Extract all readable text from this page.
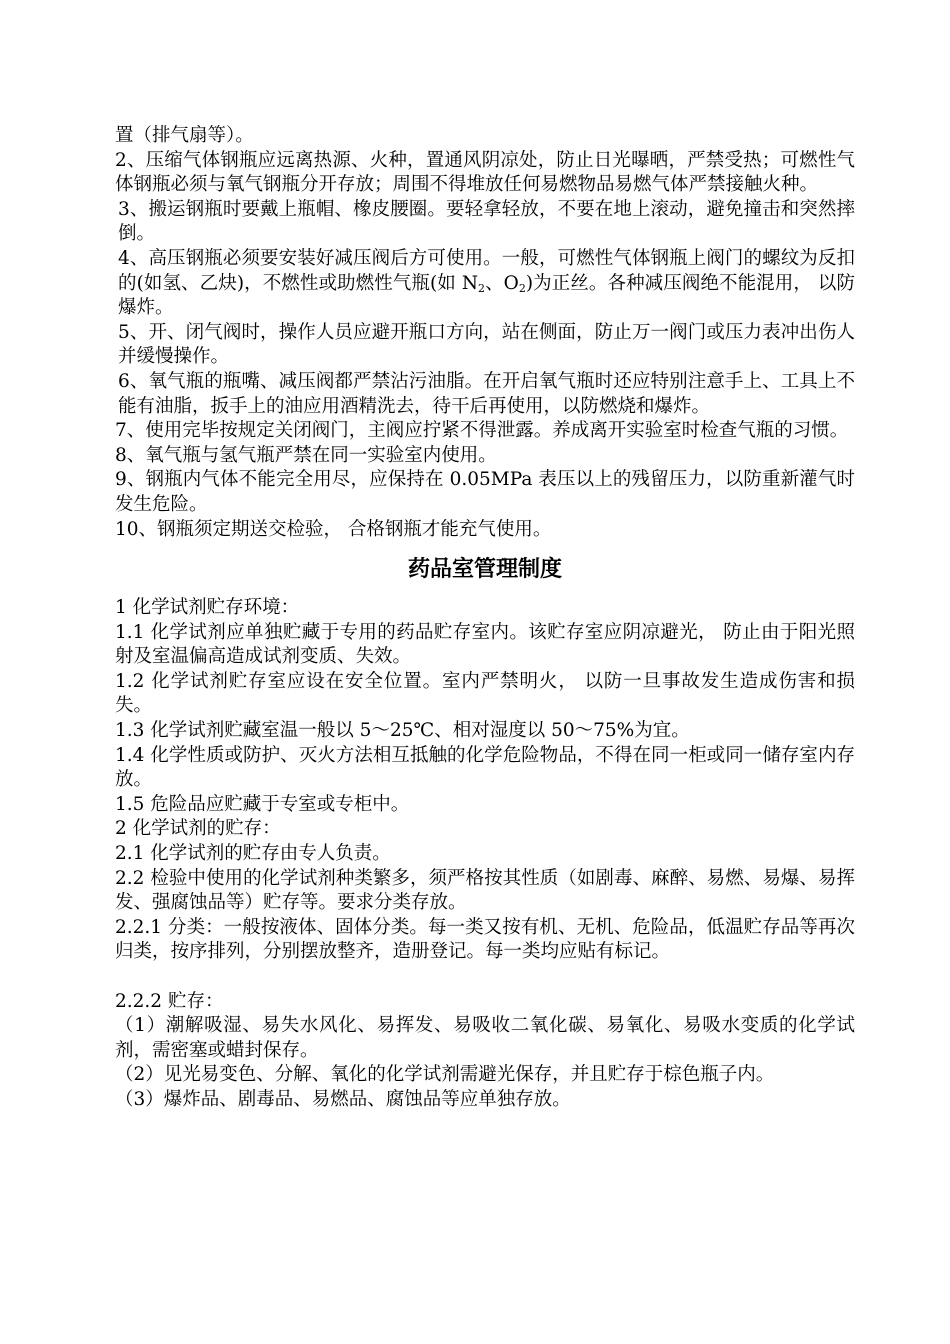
置（排气扇等）。

2、压缩气体钢瓶应远离热源、火种，置通风阴凉处，防止日光曝晒，严禁受热；可燃性气体钢瓶必须与氧气钢瓶分开存放；周围不得堆放任何易燃物品易燃气体严禁接触火种。

3、搬运钢瓶时要戴上瓶帽、橡皮腰圈。要轻拿轻放，不要在地上滚动，避免撞击和突然摔倒。

4、高压钢瓶必须要安装好减压阀后方可使用。一般，可燃性气体钢瓶上阀门的螺纹为反扣的(如氢、乙炔)，不燃性或助燃性气瓶(如 $N_2$、$O_2$)为正丝。各种减压阀绝不能混用， 以防爆炸。

5、开、闭气阀时，操作人员应避开瓶口方向，站在侧面，防止万一阀门或压力表冲出伤人并缓慢操作。

6、氧气瓶的瓶嘴、减压阀都严禁沾污油脂。在开启氧气瓶时还应特别注意手上、工具上不能有油脂，扳手上的油应用酒精洗去，待干后再使用，以防燃烧和爆炸。

7、使用完毕按规定关闭阀门，主阀应拧紧不得泄露。养成离开实验室时检查气瓶的习惯。

8、氧气瓶与氢气瓶严禁在同一实验室内使用。

9、钢瓶内气体不能完全用尽，应保持在 0.05MPa 表压以上的残留压力，以防重新灌气时发生危险。

10、钢瓶须定期送交检验， 合格钢瓶才能充气使用。

药品室管理制度

1 化学试剂贮存环境：

1.1 化学试剂应单独贮藏于专用的药品贮存室内。该贮存室应阴凉避光， 防止由于阳光照射及室温偏高造成试剂变质、失效。

1.2 化学试剂贮存室应设在安全位置。室内严禁明火， 以防一旦事故发生造成伤害和损失。

1.3 化学试剂贮藏室温一般以 5～25℃、相对湿度以 50～75%为宜。

1.4 化学性质或防护、灭火方法相互抵触的化学危险物品，不得在同一柜或同一储存室内存放。

1.5 危险品应贮藏于专室或专柜中。

2 化学试剂的贮存：

2.1 化学试剂的贮存由专人负责。

2.2 检验中使用的化学试剂种类繁多，须严格按其性质（如剧毒、麻醉、易燃、易爆、易挥发、强腐蚀品等）贮存等。要求分类存放。

2.2.1 分类：一般按液体、固体分类。每一类又按有机、无机、危险品，低温贮存品等再次归类，按序排列，分别摆放整齐，造册登记。每一类均应贴有标记。

2.2.2 贮存：

（1）潮解吸湿、易失水风化、易挥发、易吸收二氧化碳、易氧化、易吸水变质的化学试剂，需密塞或蜡封保存。

（2）见光易变色、分解、氧化的化学试剂需避光保存，并且贮存于棕色瓶子内。

（3）爆炸品、剧毒品、易燃品、腐蚀品等应单独存放。
